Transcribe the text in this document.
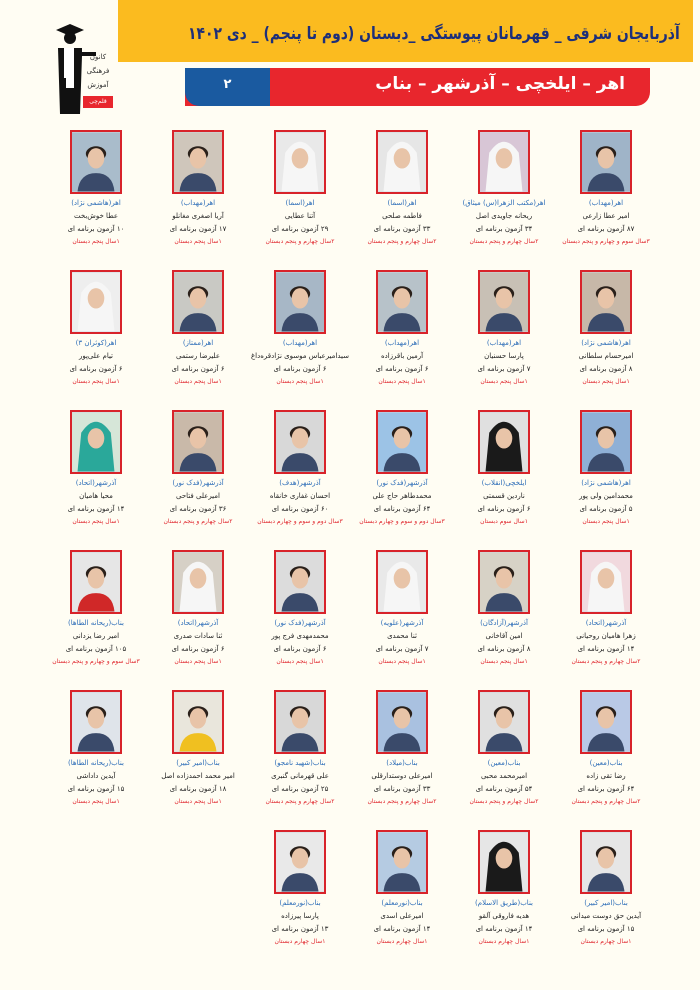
۲	اهر – ایلخچی – آذرشهر – بناب
کانون
فرهنگی
آموزش
قلم‌چی
آذربایجان شرقی _ قهرمانان پیوستگی _دبستان (دوم تا پنجم) _ دی ۱۴۰۲
اهر(مهداب)
امیر عطا زارعی
۸۷ آزمون برنامه ای
۳سال سوم و چهارم و پنجم دبستان
اهر(مکتب الزهرا(س) میثاق)
ریحانه جاویدی اصل
۳۴ آزمون برنامه ای
۲سال چهارم و پنجم دبستان
اهر(اسما)
فاطمه صلحی
۳۳ آزمون برنامه ای
۲سال چهارم و پنجم دبستان
اهر(اسما)
آتنا عطایی
۲۹ آزمون برنامه ای
۲سال چهارم و پنجم دبستان
اهر(مهداب)
آریا اصغری مغانلو
۱۷ آزمون برنامه ای
۱سال پنجم دبستان
اهر(هاشمی نژاد)
عطا خوش‌بخت
۱۰ آزمون برنامه ای
۱سال پنجم دبستان
اهر(هاشمی نژاد)
امیرحسام سلطانی
۸ آزمون برنامه ای
۱سال پنجم دبستان
اهر(مهداب)
پارسا حسنیان
۷ آزمون برنامه ای
۱سال پنجم دبستان
اهر(مهداب)
آرمین باقرزاده
۶ آزمون برنامه ای
۱سال پنجم دبستان
اهر(مهداب)
سیدامیرعباس موسوی نژادقره‌داغ
۶ آزمون برنامه ای
۱سال پنجم دبستان
اهر(ممتاز)
علیرضا رستمی
۶ آزمون برنامه ای
۱سال پنجم دبستان
اهر(کوثران ۳)
تیام علی‌پور
۶ آزمون برنامه ای
۱سال پنجم دبستان
اهر(هاشمی نژاد)
محمدامین ولی پور
۵ آزمون برنامه ای
۱سال پنجم دبستان
ایلخچی(انقلاب)
ناردین قسمتی
۶ آزمون برنامه ای
۱سال سوم دبستان
آذرشهر(فدک نور)
محمدطاهر حاج علی
۶۴ آزمون برنامه ای
۳سال دوم و سوم و چهارم دبستان
آذرشهر(هدف)
احسان غفاری خانقاه
۶۰ آزمون برنامه ای
۳سال دوم و سوم و چهارم دبستان
آذرشهر(فدک نور)
امیرعلی فتاحی
۳۶ آزمون برنامه ای
۲سال چهارم و پنجم دبستان
آذرشهر(اتحاد)
محیا هامیان
۱۴ آزمون برنامه ای
۱سال پنجم دبستان
آذرشهر(اتحاد)
زهرا هامیان روحیانی
۱۴ آزمون برنامه ای
۲سال چهارم و پنجم دبستان
آذرشهر(آزادگان)
امین آقاخانی
۸ آزمون برنامه ای
۱سال پنجم دبستان
آذرشهر(علویه)
ثنا محمدی
۷ آزمون برنامه ای
۱سال پنجم دبستان
آذرشهر(فدک نور)
محمدمهدی فرج پور
۶ آزمون برنامه ای
۱سال پنجم دبستان
آذرشهر(اتحاد)
ثنا سادات صدری
۶ آزمون برنامه ای
۱سال پنجم دبستان
بناب(ریحانه الطاها)
امیر رضا یزدانی
۱۰۵ آزمون برنامه ای
۳سال سوم و چهارم و پنجم دبستان
بناب(معین)
رضا تقی زاده
۶۴ آزمون برنامه ای
۲سال چهارم و پنجم دبستان
بناب(معین)
امیرمحمد محبی
۵۴ آزمون برنامه ای
۲سال چهارم و پنجم دبستان
بناب(میلاد)
امیرعلی دوستدارقلی
۳۳ آزمون برنامه ای
۲سال چهارم و پنجم دبستان
بناب(شهید نامجو)
علی قهرمانی گنبری
۲۵ آزمون برنامه ای
۲سال چهارم و پنجم دبستان
بناب(امیر کبیر)
امیر محمد احمدزاده اصل
۱۸ آزمون برنامه ای
۱سال پنجم دبستان
بناب(ریحانه الطاها)
آیدین داداشی
۱۵ آزمون برنامه ای
۱سال پنجم دبستان
بناب(امیر کبیر)
آیدین حق دوست میدانی
۱۵ آزمون برنامه ای
۱سال چهارم دبستان
بناب(طریق الاسلام)
هدیه فاروقی آلقو
۱۴ آزمون برنامه ای
۱سال چهارم دبستان
بناب(نورمعلم)
امیرعلی اسدی
۱۴ آزمون برنامه ای
۱سال چهارم دبستان
بناب(نورمعلم)
پارسا پیرزاده
۱۳ آزمون برنامه ای
۱سال چهارم دبستان
